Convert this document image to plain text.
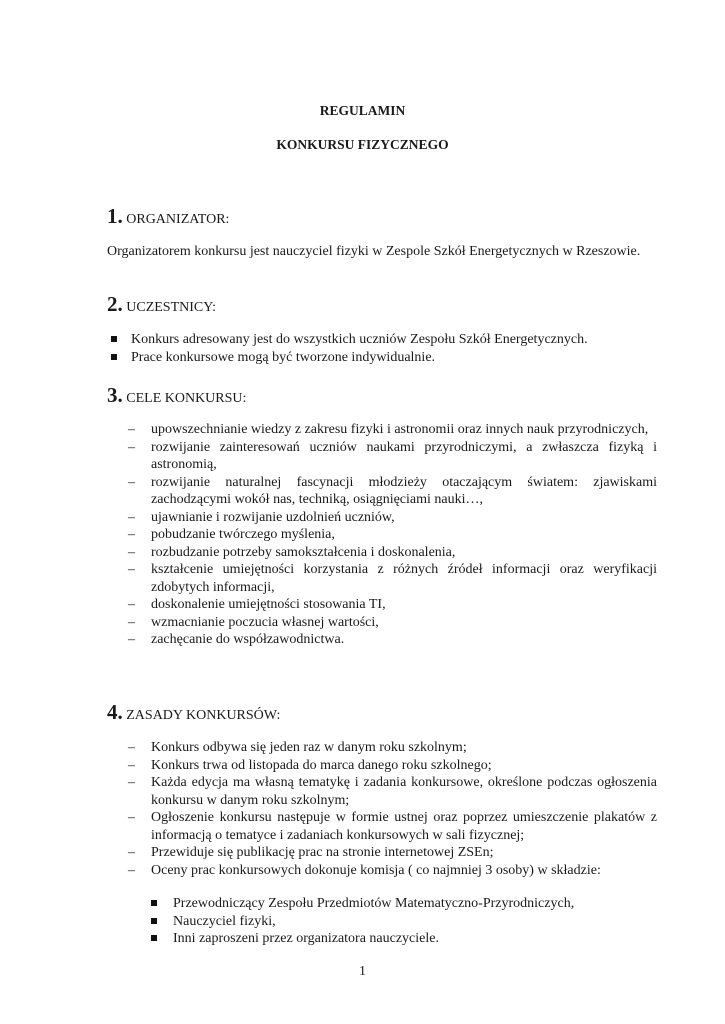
REGULAMIN
KONKURSU FIZYCZNEGO
1. ORGANIZATOR:
Organizatorem konkursu jest nauczyciel fizyki w Zespole Szkół Energetycznych w Rzeszowie.
2. UCZESTNICY:
Konkurs adresowany jest do wszystkich uczniów Zespołu Szkół Energetycznych.
Prace konkursowe mogą być tworzone indywidualnie.
3. CELE KONKURSU:
– upowszechnianie wiedzy z zakresu fizyki i astronomii oraz innych nauk przyrodniczych,
– rozwijanie zainteresowań uczniów naukami przyrodniczymi, a zwłaszcza fizyką i astronomią,
– rozwijanie naturalnej fascynacji młodzieży otaczającym światem: zjawiskami zachodzącymi wokół nas, techniką, osiągnięciami nauki…,
– ujawnianie i rozwijanie uzdolnień uczniów,
– pobudzanie twórczego myślenia,
– rozbudzanie potrzeby samokształcenia i doskonalenia,
– kształcenie umiejętności korzystania z różnych źródeł informacji oraz weryfikacji zdobytych informacji,
– doskonalenie umiejętności stosowania TI,
– wzmacnianie poczucia własnej wartości,
– zachęcanie do współzawodnictwa.
4. ZASADY KONKURSÓW:
– Konkurs odbywa się jeden raz w danym roku szkolnym;
– Konkurs trwa od listopada do marca danego roku szkolnego;
– Każda edycja ma własną tematykę i zadania konkursowe, określone podczas ogłoszenia konkursu w danym roku szkolnym;
– Ogłoszenie konkursu następuje w formie ustnej oraz poprzez umieszczenie plakatów z informacją o tematyce i zadaniach konkursowych w sali fizycznej;
– Przewiduje się publikację prac na stronie internetowej ZSEn;
– Oceny prac konkursowych dokonuje komisja ( co najmniej 3 osoby) w składzie:
Przewodniczący Zespołu Przedmiotów Matematyczno-Przyrodniczych,
Nauczyciel fizyki,
Inni zaproszeni przez organizatora nauczyciele.
1
